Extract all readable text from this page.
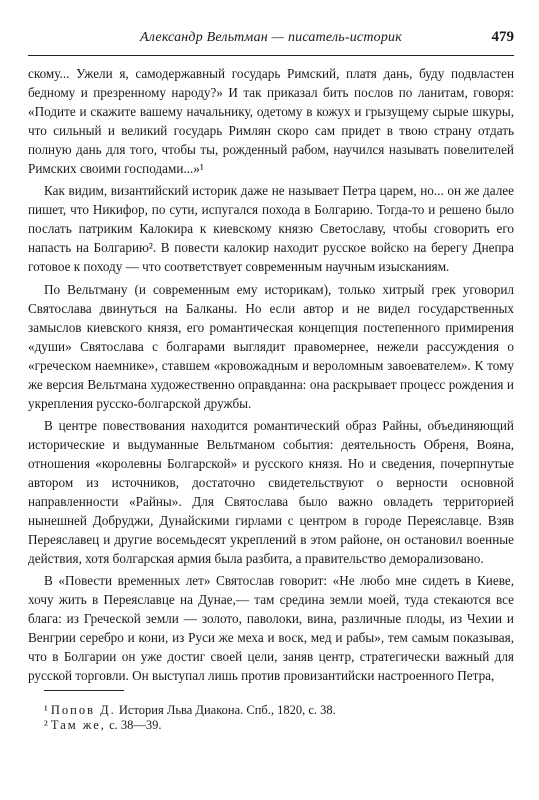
Александр Вельтман — писатель-историк	479

скому... Ужели я, самодержавный государь Римский, платя дань, буду подвластен бедному и презренному народу?» И так приказал бить послов по ланитам, говоря: «Подите и скажите вашему начальнику, одетому в кожух и грызущему сырые шкуры, что сильный и великий государь Римлян скоро сам придет в твою страну отдать полную дань для того, чтобы ты, рожденный рабом, научился называть повелителей Римских своими господами...»¹

Как видим, византийский историк даже не называет Петра царем, но... он же далее пишет, что Никифор, по сути, испугался похода в Болгарию. Тогда-то и решено было послать патриким Калокира к киевскому князю Светославу, чтобы сговорить его напасть на Болгарию². В повести калокир находит русское войско на берегу Днепра готовое к походу — что соответствует современным научным изысканиям.

По Вельтману (и современным ему историкам), только хитрый грек уговорил Святослава двинуться на Балканы. Но если автор и не видел государственных замыслов киевского князя, его романтическая концепция постепенного примирения «души» Святослава с болгарами выглядит правомернее, нежели рассуждения о «греческом наемнике», ставшем «кровожадным и вероломным завоевателем». К тому же версия Вельтмана художественно оправданна: она раскрывает процесс рождения и укрепления русско-болгарской дружбы.

В центре повествования находится романтический образ Райны, объединяющий исторические и выдуманные Вельтманом события: деятельность Обреня, Вояна, отношения «королевны Болгарской» и русского князя. Но и сведения, почерпнутые автором из источников, достаточно свидетельствуют о верности основной направленности «Райны». Для Святослава было важно овладеть территорией нынешней Добруджи, Дунайскими гирлами с центром в городе Переяславце. Взяв Переяславец и другие восемьдесят укреплений в этом районе, он остановил военные действия, хотя болгарская армия была разбита, а правительство деморализовано.

В «Повести временных лет» Святослав говорит: «Не любо мне сидеть в Киеве, хочу жить в Переяславце на Дунае,— там средина земли моей, туда стекаются все блага: из Греческой земли — золото, паволоки, вина, различные плоды, из Чехии и Венгрии серебро и кони, из Руси же меха и воск, мед и рабы», тем самым показывая, что в Болгарии он уже достиг своей цели, заняв центр, стратегически важный для русской торговли. Он выступал лишь против провизантийски настроенного Петра,

¹ Попов Д. История Льва Диакона. Спб., 1820, с. 38.
² Там же, с. 38—39.
